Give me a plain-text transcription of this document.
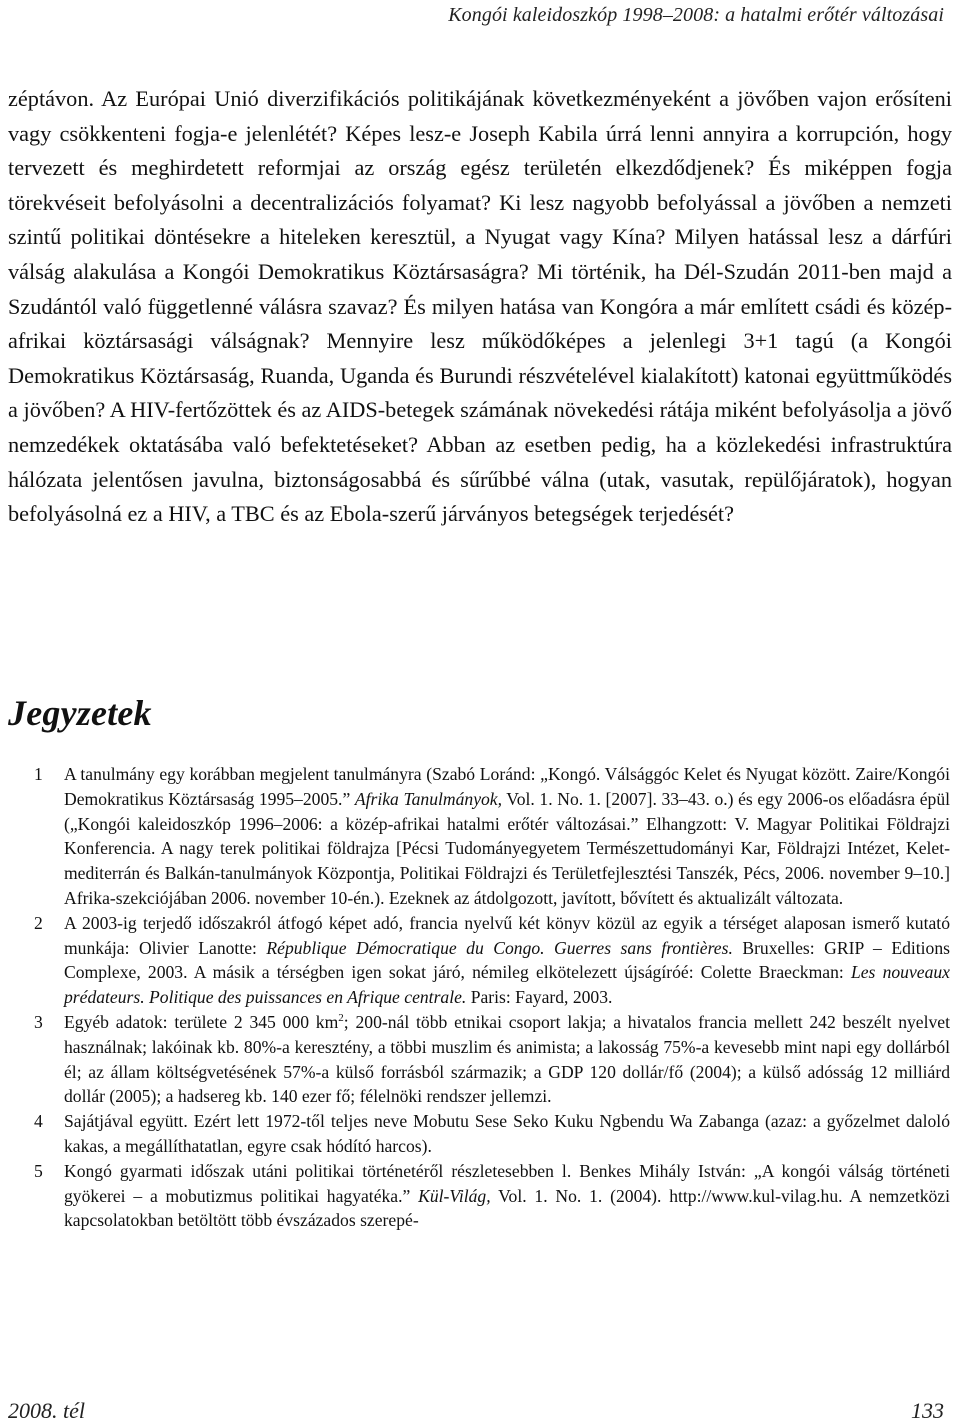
Kongói kaleidoszkóp 1998–2008: a hatalmi erőtér változásai

zéptávon. Az Európai Unió diverzifikációs politikájának következményeként a jövőben vajon erősíteni vagy csökkenteni fogja-e jelenlétét? Képes lesz-e Joseph Kabila úrrá lenni annyira a korrupción, hogy tervezett és meghirdetett reformjai az ország egész területén elkezdődjenek? És miképpen fogja törekvéseit befolyásolni a decentralizációs folyamat? Ki lesz nagyobb befolyással a jövőben a nemzeti szintű politikai döntésekre a hiteleken keresztül, a Nyugat vagy Kína? Milyen hatással lesz a dárfúri válság alakulása a Kongói Demokratikus Köztársaságra? Mi történik, ha Dél-Szudán 2011-ben majd a Szudántól való függetlenné válásra szavaz? És milyen hatása van Kongóra a már említett csádi és közép-afrikai köztársasági válságnak? Mennyire lesz működőképes a jelenlegi 3+1 tagú (a Kongói Demokratikus Köztársaság, Ruanda, Uganda és Burundi részvételével kialakított) katonai együttműködés a jövőben? A HIV-fertőzöttek és az AIDS-betegek számának növekedési rátája miként befolyásolja a jövő nemzedékek oktatásába való befektetéseket? Abban az esetben pedig, ha a közlekedési infrastruktúra hálózata jelentősen javulna, biztonságosabbá és sűrűbbé válna (utak, vasutak, repülőjáratok), hogyan befolyásolná ez a HIV, a TBC és az Ebola-szerű járványos betegségek terjedését?

Jegyzetek
1	A tanulmány egy korábban megjelent tanulmányra (Szabó Loránd: „Kongó. Válsággóc Kelet és Nyugat között. Zaire/Kongói Demokratikus Köztársaság 1995–2005.” Afrika Tanulmányok, Vol. 1. No. 1. [2007]. 33–43. o.) és egy 2006-os előadásra épül („Kongói kaleidoszkóp 1996–2006: a közép-afrikai hatalmi erőtér változásai.” Elhangzott: V. Magyar Politikai Földrajzi Konferencia. A nagy terek politikai földrajza [Pécsi Tudományegyetem Természettudományi Kar, Földrajzi Intézet, Kelet-mediterrán és Balkán-tanulmányok Központja, Politikai Földrajzi és Területfejlesztési Tanszék, Pécs, 2006. november 9–10.] Afrika-szekciójában 2006. november 10-én.). Ezeknek az átdolgozott, javított, bővített és aktualizált változata.
2	A 2003-ig terjedő időszakról átfogó képet adó, francia nyelvű két könyv közül az egyik a térséget alaposan ismerő kutató munkája: Olivier Lanotte: République Démocratique du Congo. Guerres sans frontières. Bruxelles: GRIP – Editions Complexe, 2003. A másik a térségben igen sokat járó, némileg elkötelezett újságíróé: Colette Braeckman: Les nouveaux prédateurs. Politique des puissances en Afrique centrale. Paris: Fayard, 2003.
3	Egyéb adatok: területe 2 345 000 $km^2$; 200-nál több etnikai csoport lakja; a hivatalos francia mellett 242 beszélt nyelvet használnak; lakóinak kb. 80%-a keresztény, a többi muszlim és animista; a lakosság 75%-a kevesebb mint napi egy dollárból él; az állam költségvetésének 57%-a külső forrásból származik; a GDP 120 dollár/fő (2004); a külső adósság 12 milliárd dollár (2005); a hadsereg kb. 140 ezer fő; félelnöki rendszer jellemzi.
4	Sajátjával együtt. Ezért lett 1972-től teljes neve Mobutu Sese Seko Kuku Ngbendu Wa Zabanga (azaz: a győzelmet daloló kakas, a megállíthatatlan, egyre csak hódító harcos).
5	Kongó gyarmati időszak utáni politikai történetéről részletesebben l. Benkes Mihály István: „A kongói válság történeti gyökerei – a mobutizmus politikai hagyatéka.” Kül-Világ, Vol. 1. No. 1. (2004). http://www.kul-vilag.hu. A nemzetközi kapcsolatokban betöltött több évszázados szerepé-
2008. tél	133
